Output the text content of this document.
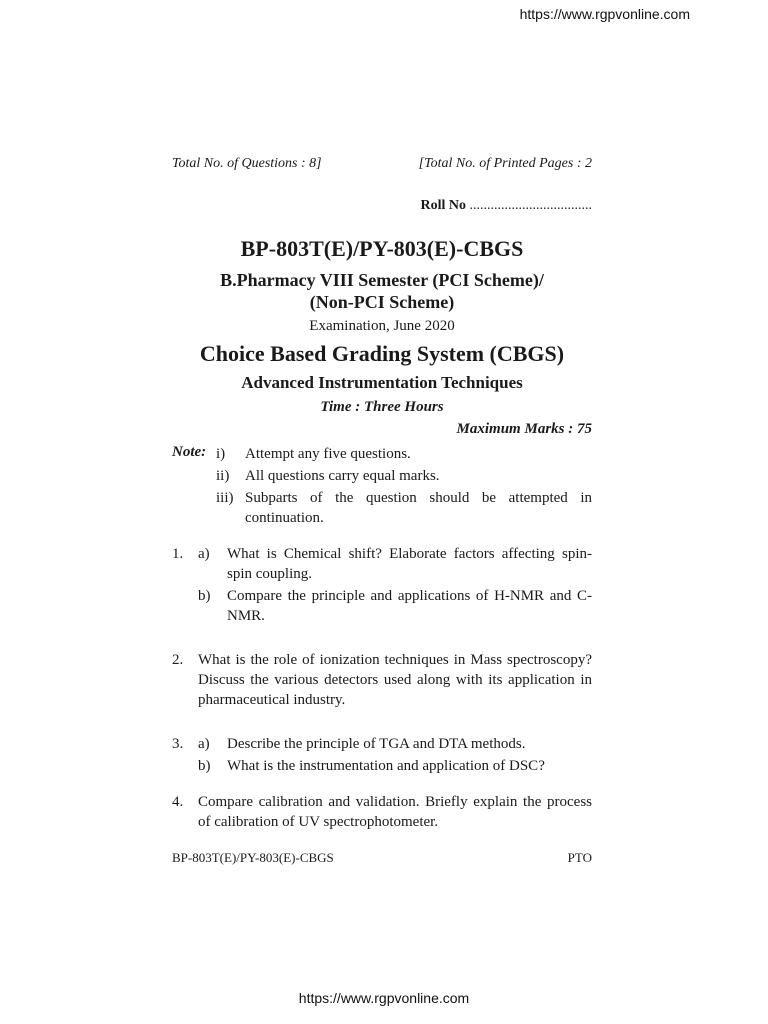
https://www.rgpvonline.com
Total No. of Questions : 8]	[Total No. of Printed Pages : 2
Roll No ...................................
BP-803T(E)/PY-803(E)-CBGS
B.Pharmacy VIII Semester (PCI Scheme)/
(Non-PCI Scheme)
Examination, June 2020
Choice Based Grading System (CBGS)
Advanced Instrumentation Techniques
Time : Three Hours
Maximum Marks : 75
Note: i)	Attempt any five questions.
ii)	All questions carry equal marks.
iii) Subparts of the question should be attempted in continuation.
1. a)	What is Chemical shift? Elaborate factors affecting spin-spin coupling.
b)	Compare the principle and applications of H-NMR and C-NMR.
2. What is the role of ionization techniques in Mass spectroscopy? Discuss the various detectors used along with its application in pharmaceutical industry.
3. a)	Describe the principle of TGA and DTA methods.
b)	What is the instrumentation and application of DSC?
4. Compare calibration and validation. Briefly explain the process of calibration of UV spectrophotometer.
BP-803T(E)/PY-803(E)-CBGS	PTO
https://www.rgpvonline.com
